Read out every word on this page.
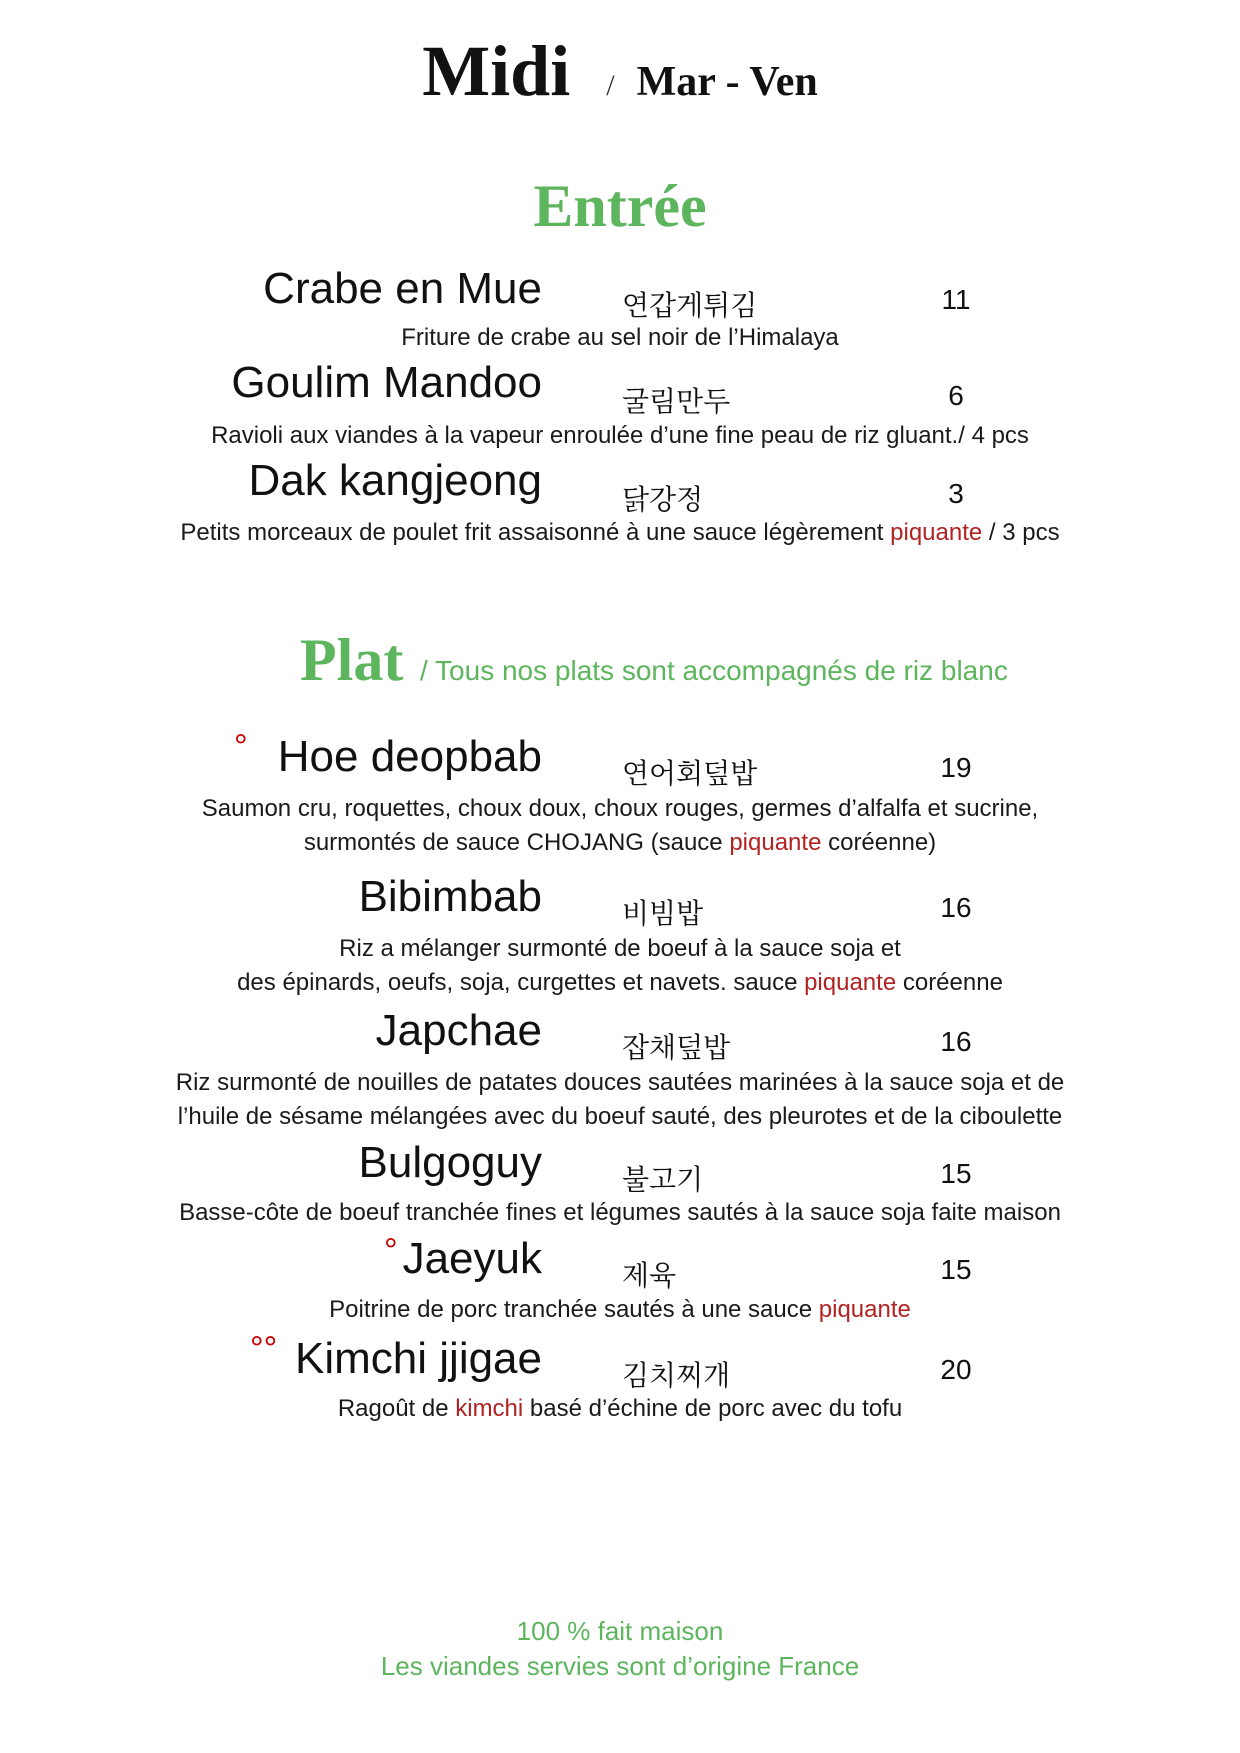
Midi / Mar - Ven
Entrée
Crabe en Mue	연갑게튀김	11
Friture de crabe au sel noir de l’Himalaya
Goulim Mandoo	굴림만두	6
Ravioli aux viandes à la vapeur enroulée d’une fine peau de riz gluant./ 4 pcs
Dak kangjeong	닭강정	3
Petits morceaux de poulet frit assaisonné à une sauce légèrement piquante / 3 pcs
Plat / Tous nos plats sont accompagnés de riz blanc
° Hoe deopbab	연어회덮밥	19
Saumon cru, roquettes, choux doux, choux rouges, germes d’alfalfa et sucrine,
surmontés de sauce CHOJANG (sauce piquante coréenne)
Bibimbab	비빔밥	16
Riz a mélanger surmonté de boeuf à la sauce soja et
des épinards, oeufs, soja, curgettes et navets. sauce piquante coréenne
Japchae	잡채덮밥	16
Riz surmonté de nouilles de patates douces sautées marinées à la sauce soja et de
l’huile de sésame mélangées avec du boeuf sauté, des pleurotes et de la ciboulette
Bulgoguy	불고기	15
Basse-côte de boeuf tranchée fines et légumes sautés à la sauce soja faite maison
° Jaeyuk	제육	15
Poitrine de porc tranchée sautés à une sauce piquante
°° Kimchi jjigae	김치찌개	20
Ragoût de kimchi basé d’échine de porc avec du tofu
100 % fait maison
Les viandes servies sont d’origine France
